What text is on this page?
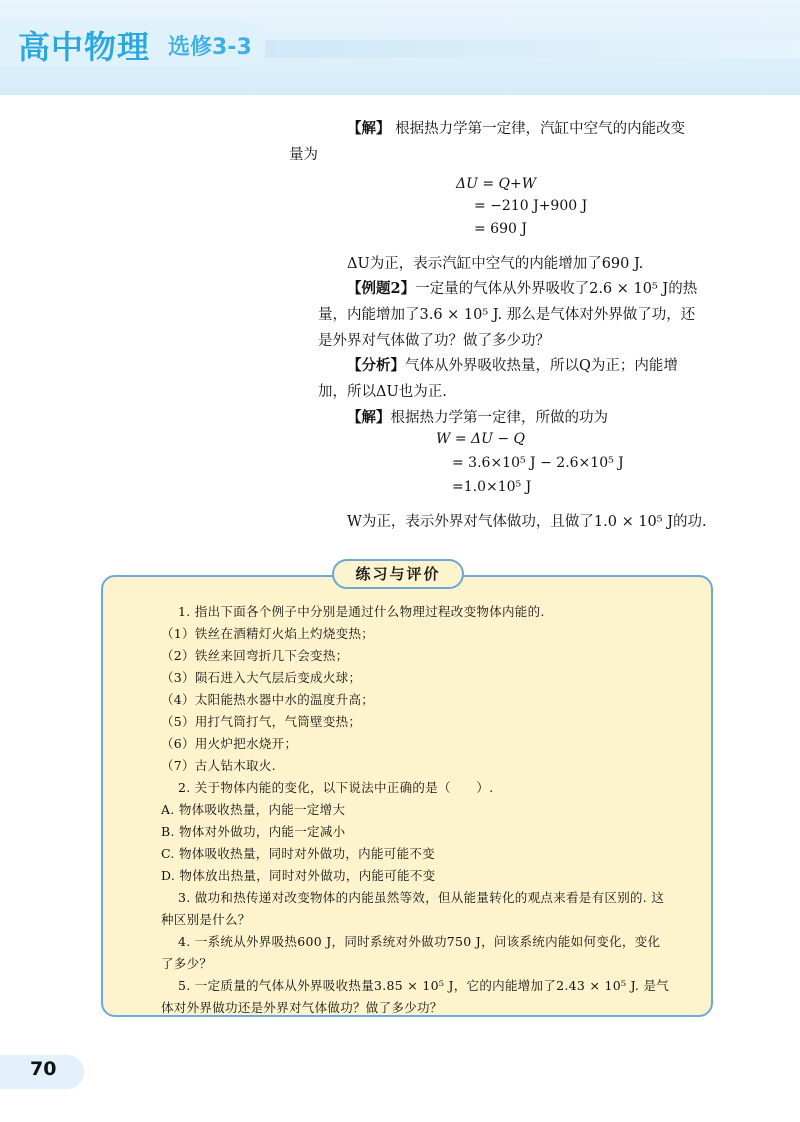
高中物理 选修3-3

【解】 根据热力学第一定律，汽缸中空气的内能改变
量为

ΔU = Q+W

= −210 J+900 J

= 690 J

ΔU为正，表示汽缸中空气的内能增加了690 J.

【例题2】一定量的气体从外界吸收了2.6 × 10⁵ J的热
量，内能增加了3.6 × 10⁵ J. 那么是气体对外界做了功，还
是外界对气体做了功？做了多少功？
【分析】气体从外界吸收热量，所以Q为正；内能增
加，所以ΔU也为正.
【解】根据热力学第一定律，所做的功为

W = ΔU − Q

= 3.6×10⁵ J − 2.6×10⁵ J

=1.0×10⁵ J

W为正，表示外界对气体做功，且做了1.0 × 10⁵ J的功.

练习与评价

1. 指出下面各个例子中分别是通过什么物理过程改变物体内能的.

（1）铁丝在酒精灯火焰上灼烧变热；

（2）铁丝来回弯折几下会变热；

（3）陨石进入大气层后变成火球；

（4）太阳能热水器中水的温度升高；

（5）用打气筒打气，气筒壁变热；

（6）用火炉把水烧开；

（7）古人钻木取火.

2. 关于物体内能的变化，以下说法中正确的是（　　）.

A. 物体吸收热量，内能一定增大

B. 物体对外做功，内能一定减小

C. 物体吸收热量，同时对外做功，内能可能不变

D. 物体放出热量，同时对外做功，内能可能不变

3. 做功和热传递对改变物体的内能虽然等效，但从能量转化的观点来看是有区别的. 这

种区别是什么？

4. 一系统从外界吸热600 J，同时系统对外做功750 J，问该系统内能如何变化，变化

了多少？

5. 一定质量的气体从外界吸收热量3.85 × 10⁵ J，它的内能增加了2.43 × 10⁵ J. 是气

体对外界做功还是外界对气体做功？做了多少功？

70
